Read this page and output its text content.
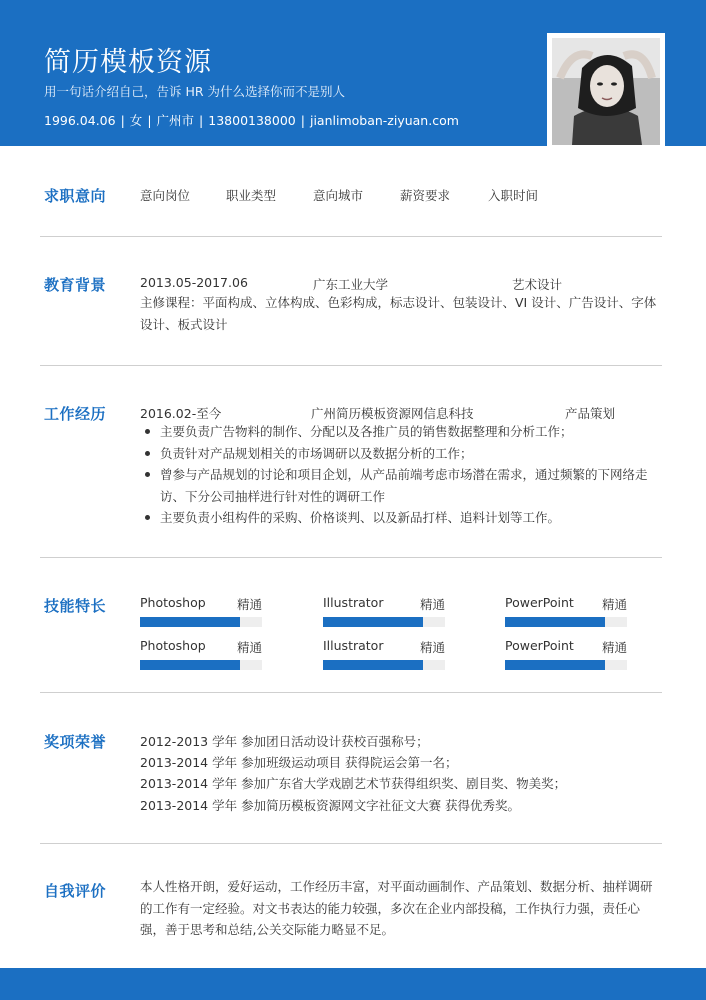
简历模板资源
用一句话介绍自己，告诉 HR 为什么选择你而不是别人
1996.04.06 | 女 | 广州市 | 13800138000 | jianlimoban-ziyuan.com
求职意向	意向岗位	职业类型	意向城市	薪资要求	入职时间
教育背景	2013.05-2017.06	广东工业大学	艺术设计
主修课程：平面构成、立体构成、色彩构成，标志设计、包装设计、VI 设计、广告设计、字体设计、板式设计
工作经历	2016.02-至今	广州简历模板资源网信息科技	产品策划
主要负责广告物料的制作、分配以及各推广员的销售数据整理和分析工作；
负责针对产品规划相关的市场调研以及数据分析的工作；
曾参与产品规划的讨论和项目企划，从产品前端考虑市场潜在需求，通过频繁的下网络走访、下分公司抽样进行针对性的调研工作
主要负责小组构件的采购、价格谈判、以及新品打样、追料计划等工作。
技能特长	Photoshop	精通	Illustrator	精通	PowerPoint 精通
Photoshop	精通	Illustrator	精通	PowerPoint 精通
奖项荣誉	2012-2013 学年 参加团日活动设计获校百强称号；
2013-2014 学年 参加班级运动项目 获得院运会第一名；
2013-2014 学年 参加广东省大学戏剧艺术节获得组织奖、剧目奖、物美奖；
2013-2014 学年 参加简历模板资源网文字社征文大赛 获得优秀奖。
自我评价	本人性格开朗，爱好运动，工作经历丰富，对平面动画制作、产品策划、数据分析、抽样调研的工作有一定经验。对文书表达的能力较强，多次在企业内部投稿，工作执行力强，责任心强，善于思考和总结,公关交际能力略显不足。
